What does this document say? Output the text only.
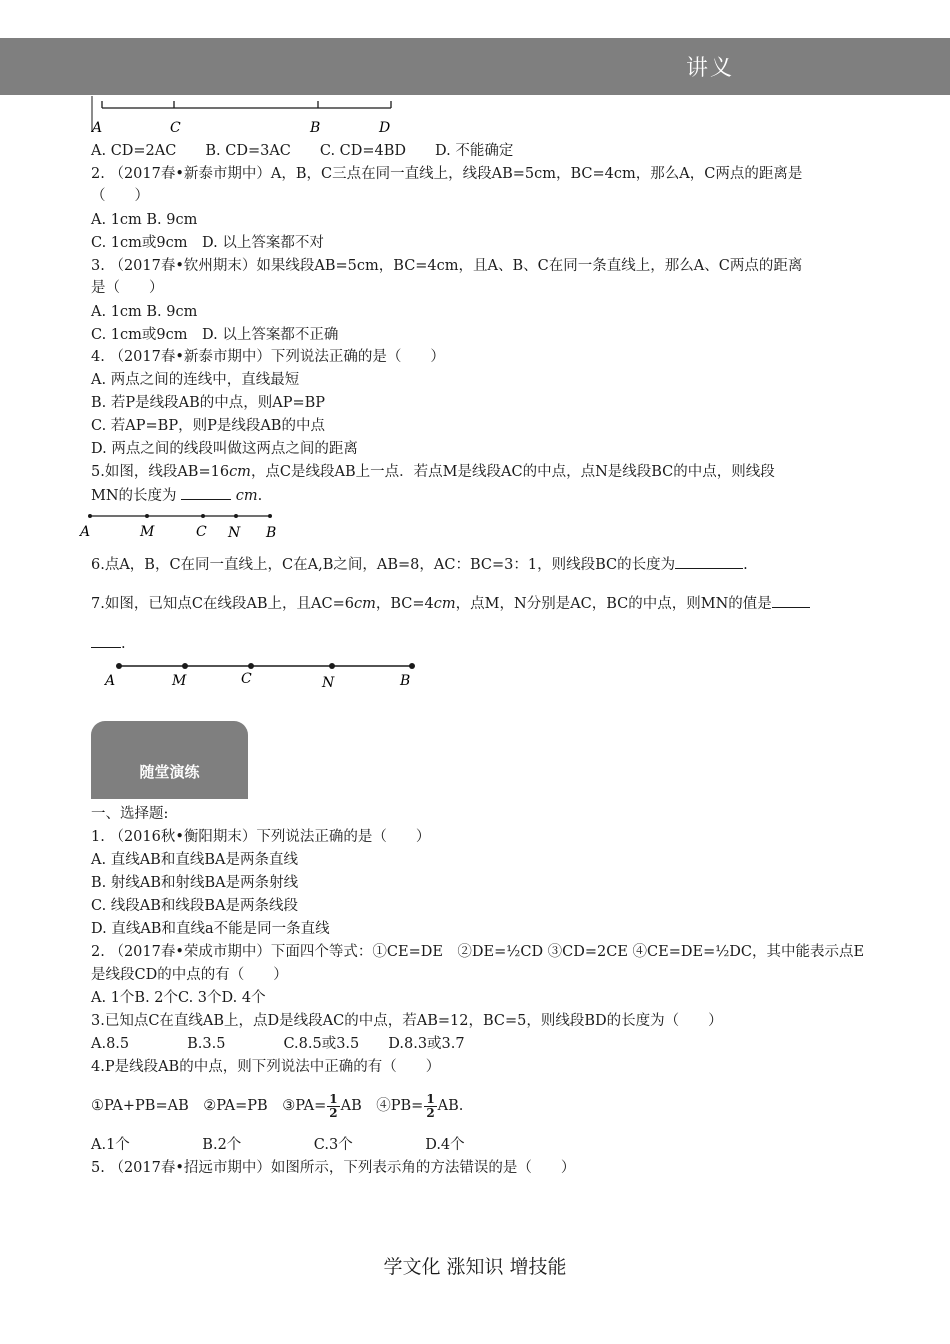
讲义
A	C	B	D
A. CD=2AC　　B. CD=3AC　　C. CD=4BD　　D. 不能确定
2. （2017春•新泰市期中）A，B，C三点在同一直线上，线段AB=5cm，BC=4cm，那么A，C两点的距离是
（　　）
A. 1cm B. 9cm
C. 1cm或9cm　D. 以上答案都不对
3. （2017春•钦州期末）如果线段AB=5cm，BC=4cm，且A、B、C在同一条直线上，那么A、C两点的距离
是（　　）
A. 1cm B. 9cm
C. 1cm或9cm　D. 以上答案都不正确
4. （2017春•新泰市期中）下列说法正确的是（　　）
A. 两点之间的连线中，直线最短
B. 若P是线段AB的中点，则AP=BP
C. 若AP=BP，则P是线段AB的中点
D. 两点之间的线段叫做这两点之间的距离
5.如图，线段AB=16cm，点C是线段AB上一点．若点M是线段AC的中点，点N是线段BC的中点，则线段
MN的长度为	cm.
A	M	C N B
6.点A，B，C在同一直线上，C在A,B之间，AB=8，AC：BC=3：1，则线段BC的长度为	.
7.如图，已知点C在线段AB上，且AC=6cm，BC=4cm，点M，N分别是AC，BC的中点，则MN的值是
.
A	M	C	N	B
随堂演练
一、选择题:
1. （2016秋•衡阳期末）下列说法正确的是（　　）
A. 直线AB和直线BA是两条直线
B. 射线AB和射线BA是两条射线
C. 线段AB和线段BA是两条线段
D. 直线AB和直线a不能是同一条直线
2. （2017春•荣成市期中）下面四个等式：①CE=DE　②DE=½CD ③CD=2CE ④CE=DE=½DC，其中能表示点E
是线段CD的中点的有（　　）
A. 1个B. 2个C. 3个D. 4个
3.已知点C在直线AB上，点D是线段AC的中点，若AB=12，BC=5，则线段BD的长度为（　　）
A.8.5　　　　B.3.5　　　　C.8.5或3.5　　D.8.3或3.7
4.P是线段AB的中点，则下列说法中正确的有（　　）
①PA+PB=AB　②PA=PB　③PA= $\frac{1}{2}$ AB　④PB= $\frac{1}{2}$ AB.
A.1个　　　　　B.2个　　　　　C.3个　　　　　D.4个
5. （2017春•招远市期中）如图所示，下列表示角的方法错误的是（　　）
学文化 涨知识 增技能
